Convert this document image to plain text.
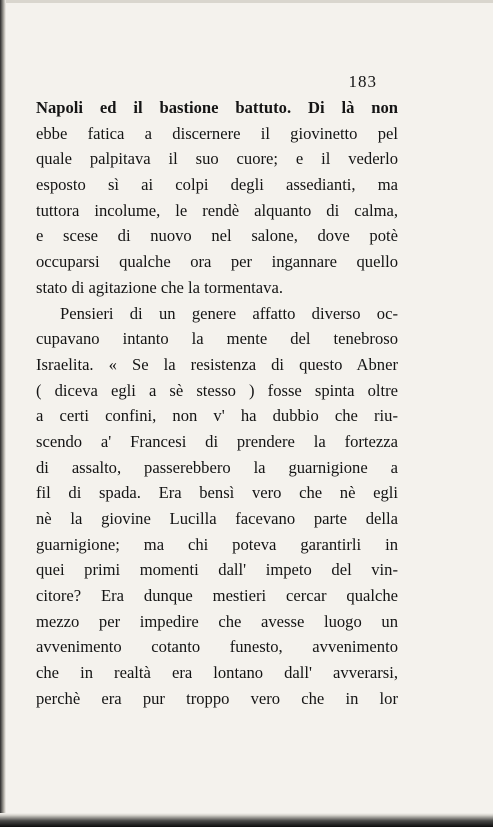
183
Napoli ed il bastione battuto. Di là non
ebbe fatica a discernere il giovinetto pel
quale palpitava il suo cuore; e il vederlo
esposto sì ai colpi degli assedianti, ma
tuttora incolume, le rendè alquanto di calma,
e scese di nuovo nel salone, dove potè
occuparsi qualche ora per ingannare quello
stato di agitazione che la tormentava.
Pensieri di un genere affatto diverso oc-
cupavano intanto la mente del tenebroso
Israelita. « Se la resistenza di questo Abner
( diceva egli a sè stesso ) fosse spinta oltre
a certi confini, non v' ha dubbio che riu-
scendo a' Francesi di prendere la fortezza
di assalto, passerebbero la guarnigione a
fil di spada. Era bensì vero che nè egli
nè la giovine Lucilla facevano parte della
guarnigione; ma chi poteva garantirli in
quei primi momenti dall' impeto del vin-
citore? Era dunque mestieri cercar qualche
mezzo per impedire che avesse luogo un
avvenimento cotanto funesto, avvenimento
che in realtà era lontano dall' avverarsi,
perchè era pur troppo vero che in lor
